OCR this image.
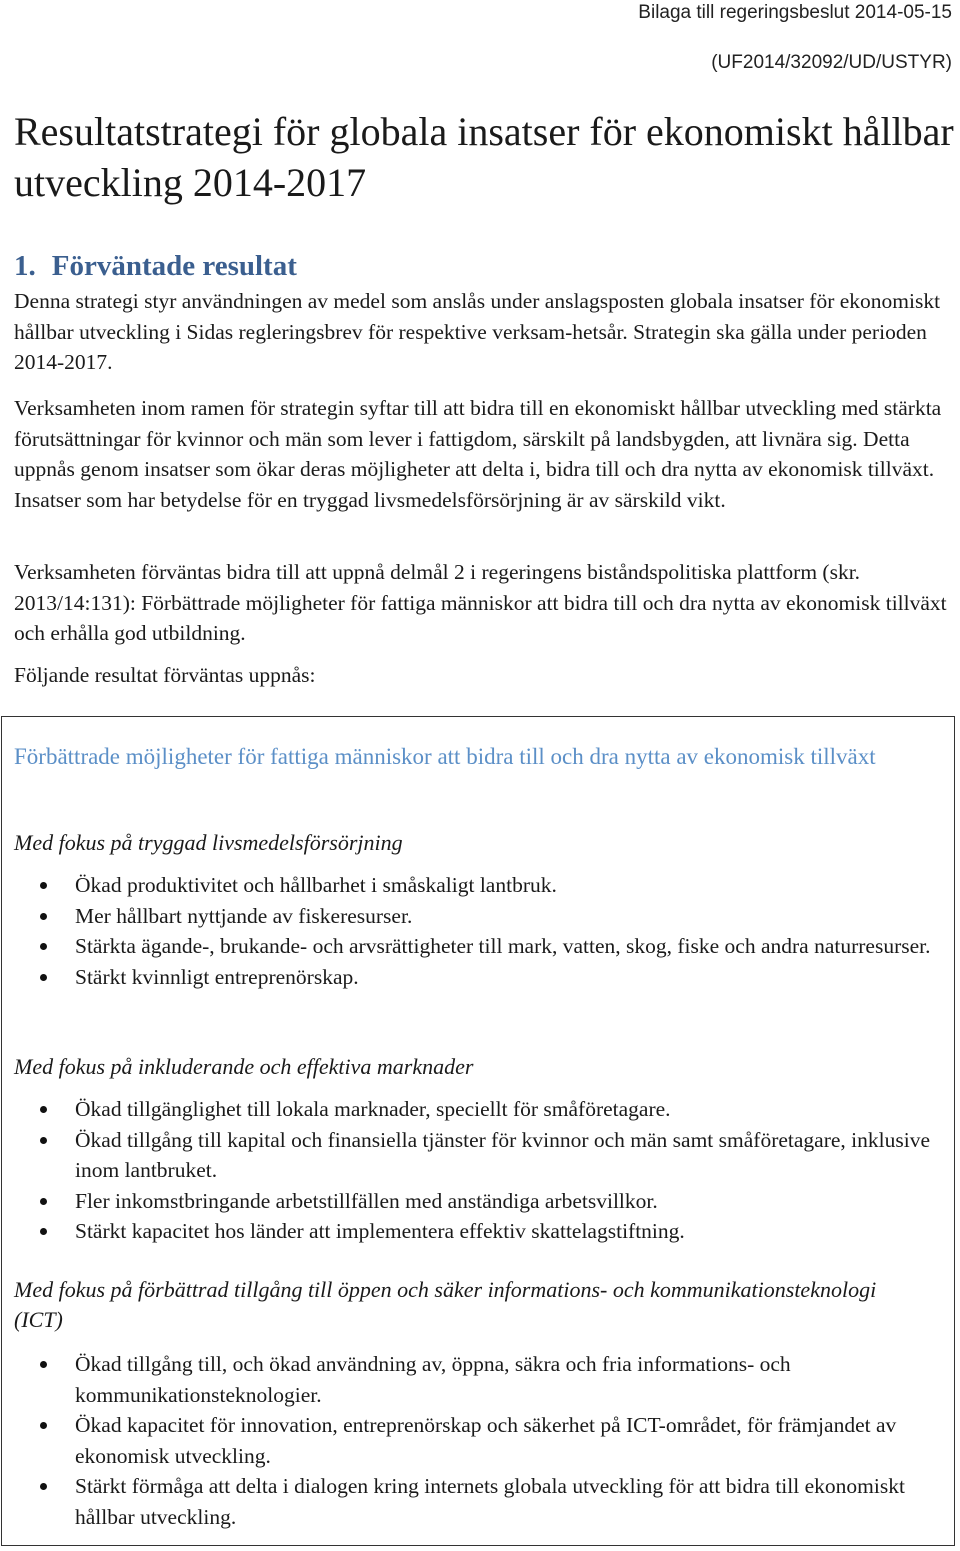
Bilaga till regeringsbeslut 2014-05-15
(UF2014/32092/UD/USTYR)
Resultatstrategi för globala insatser för ekonomiskt hållbar utveckling 2014-2017
1. Förväntade resultat

Denna strategi styr användningen av medel som anslås under anslagsposten globala insatser för ekonomiskt hållbar utveckling i Sidas regleringsbrev för respektive verksam-hetsår. Strategin ska gälla under perioden 2014-2017.

Verksamheten inom ramen för strategin syftar till att bidra till en ekonomiskt hållbar utveckling med stärkta förutsättningar för kvinnor och män som lever i fattigdom, särskilt på landsbygden, att livnära sig. Detta uppnås genom insatser som ökar deras möjligheter att delta i, bidra till och dra nytta av ekonomisk tillväxt. Insatser som har betydelse för en tryggad livsmedelsförsörjning är av särskild vikt.

Verksamheten förväntas bidra till att uppnå delmål 2 i regeringens biståndspolitiska plattform (skr. 2013/14:131): Förbättrade möjligheter för fattiga människor att bidra till och dra nytta av ekonomisk tillväxt och erhålla god utbildning.

Följande resultat förväntas uppnås:

Förbättrade möjligheter för fattiga människor att bidra till och dra nytta av ekonomisk tillväxt

Med fokus på tryggad livsmedelsförsörjning

Ökad produktivitet och hållbarhet i småskaligt lantbruk.
Mer hållbart nyttjande av fiskeresurser.
Stärkta ägande-, brukande- och arvsrättigheter till mark, vatten, skog, fiske och andra naturresurser.
Stärkt kvinnligt entreprenörskap.

Med fokus på inkluderande och effektiva marknader

Ökad tillgänglighet till lokala marknader, speciellt för småföretagare.
Ökad tillgång till kapital och finansiella tjänster för kvinnor och män samt småföretagare, inklusive inom lantbruket.
Fler inkomstbringande arbetstillfällen med anständiga arbetsvillkor.
Stärkt kapacitet hos länder att implementera effektiv skattelagstiftning.

Med fokus på förbättrad tillgång till öppen och säker informations- och kommunikationsteknologi (ICT)

Ökad tillgång till, och ökad användning av, öppna, säkra och fria informations- och kommunikationsteknologier.
Ökad kapacitet för innovation, entreprenörskap och säkerhet på ICT-området, för främjandet av ekonomisk utveckling.
Stärkt förmåga att delta i dialogen kring internets globala utveckling för att bidra till ekonomiskt hållbar utveckling.
